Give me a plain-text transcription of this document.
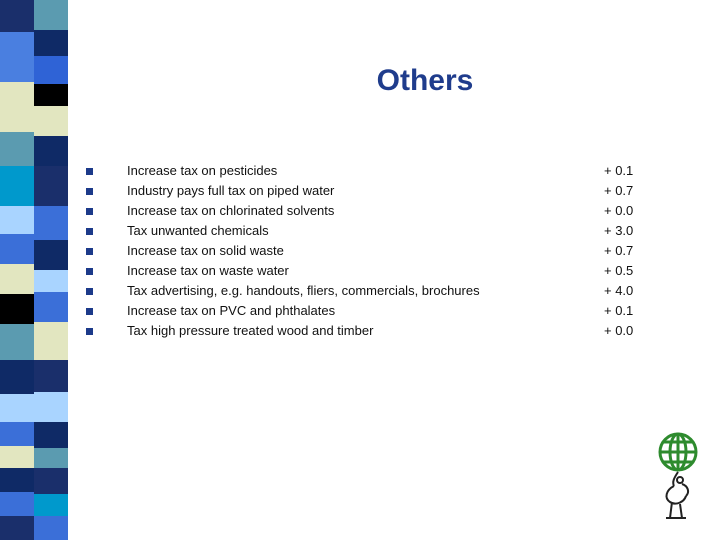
Others
Increase tax on pesticides
Industry pays full tax on piped water
Increase tax on chlorinated solvents
Tax unwanted chemicals
Increase tax on solid waste
Increase tax on waste water
Tax advertising, e.g. handouts, fliers, commercials, brochures
Increase tax on PVC and phthalates
Tax high pressure treated wood and timber
+ 0.1
+ 0.7
+ 0.0
+ 3.0
+ 0.7
+ 0.5
+ 4.0
+ 0.1
+ 0.0
